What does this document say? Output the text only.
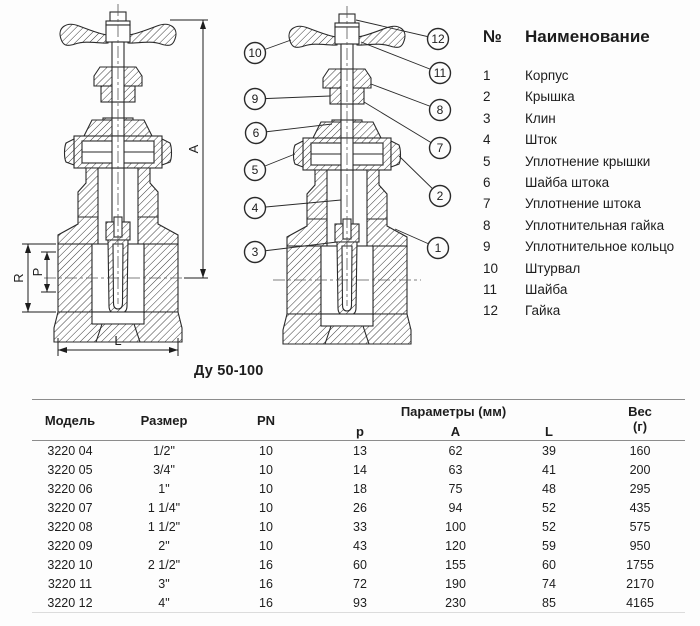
A
R
P
L
1
2
3
4
5
6
7
8
9
10
11
12
Ду 50-100
№	Наименование
1	Корпус
2	Крышка
3	Клин
4	Шток
5	Уплотнение крышки
6	Шайба штока
7	Уплотнение штока
8	Уплотнительная гайка
9	Уплотнительное кольцо
10	Штурвал
11	Шайба
12	Гайка
Модель	Размер	PN	Параметры (мм)			Вес
(г)
			p	A	L	
3220 04	1/2"	10	13	62	39	160
3220 05	3/4"	10	14	63	41	200
3220 06	1"	10	18	75	48	295
3220 07	1 1/4"	10	26	94	52	435
3220 08	1 1/2"	10	33	100	52	575
3220 09	2"	10	43	120	59	950
3220 10	2 1/2"	16	60	155	60	1755
3220 11	3"	16	72	190	74	2170
3220 12	4"	16	93	230	85	4165
